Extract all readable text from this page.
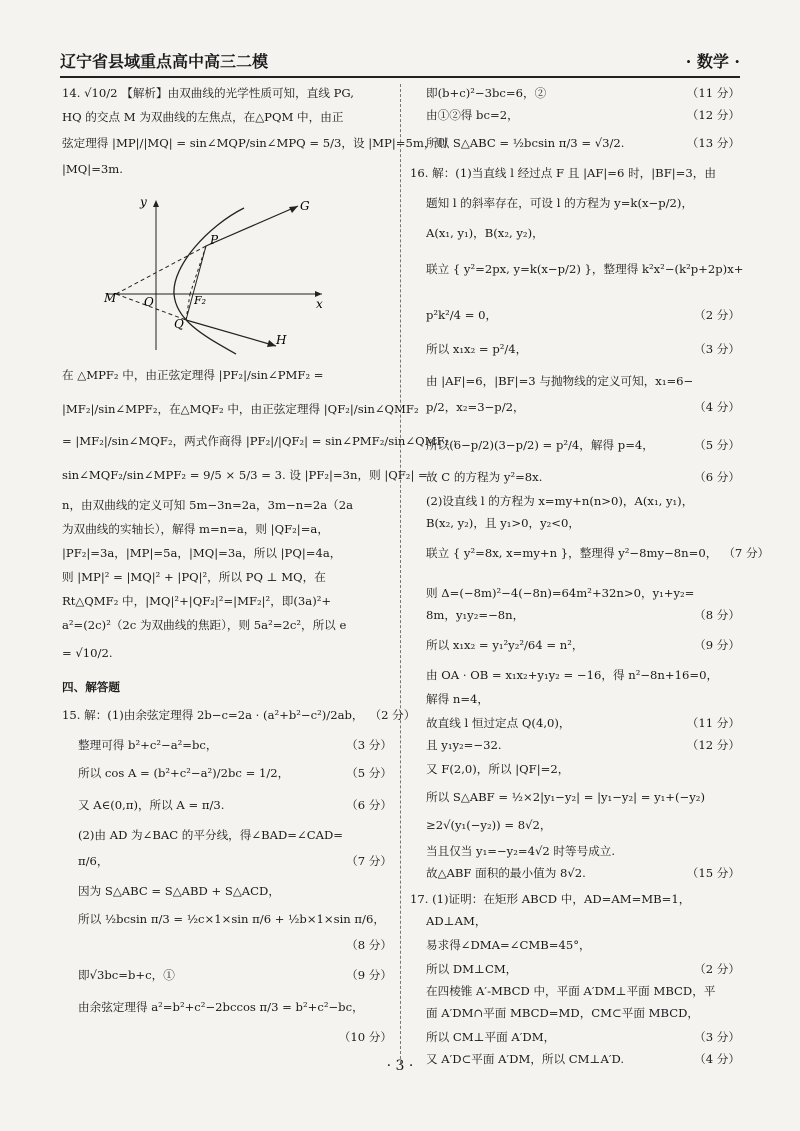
辽宁省县域重点高中高三二模	· 数学 ·
14. √10/2 【解析】由双曲线的光学性质可知，直线 PG,
HQ 的交点 M 为双曲线的左焦点，在△PQM 中，由正
弦定理得 |MP|/|MQ| = sin∠MQP/sin∠MPQ = 5/3，设 |MP|=5m，则
|MQ|=3m.
y
x
G
P
M O	F₂
Q
H
在 △MPF₂ 中，由正弦定理得 |PF₂|/sin∠PMF₂ =
|MF₂|/sin∠MPF₂，在△MQF₂ 中，由正弦定理得 |QF₂|/sin∠QMF₂
= |MF₂|/sin∠MQF₂，两式作商得 |PF₂|/|QF₂| = sin∠PMF₂/sin∠QMF₂ ·
sin∠MQF₂/sin∠MPF₂ = 9/5 × 5/3 = 3. 设 |PF₂|=3n，则 |QF₂| =
n，由双曲线的定义可知 5m−3n=2a，3m−n=2a（2a
为双曲线的实轴长），解得 m=n=a，则 |QF₂|=a，
|PF₂|=3a，|MP|=5a，|MQ|=3a，所以 |PQ|=4a，
则 |MP|² = |MQ|² + |PQ|²，所以 PQ ⊥ MQ，在
Rt△QMF₂ 中，|MQ|²+|QF₂|²=|MF₂|²，即(3a)²+
a²=(2c)²（2c 为双曲线的焦距），则 5a²=2c²，所以 e
= √10/2.
四、解答题
15. 解：(1)由余弦定理得 2b−c=2a · (a²+b²−c²)/2ab， （2 分）
整理可得 b²+c²−a²=bc，	（3 分）
所以 cos A = (b²+c²−a²)/2bc = 1/2，	（5 分）
又 A∈(0,π)，所以 A = π/3.	（6 分）
(2)由 AD 为∠BAC 的平分线，得∠BAD=∠CAD=
π/6，	（7 分）
因为 S△ABC = S△ABD + S△ACD，
所以 ½bcsin π/3 = ½c×1×sin π/6 + ½b×1×sin π/6，
（8 分）
即√3bc=b+c，①	（9 分）
由余弦定理得 a²=b²+c²−2bccos π/3 = b²+c²−bc，
（10 分）
即(b+c)²−3bc=6，②	（11 分）
由①②得 bc=2，	（12 分）
所以 S△ABC = ½bcsin π/3 = √3/2.	（13 分）
16. 解：(1)当直线 l 经过点 F 且 |AF|=6 时，|BF|=3，由
题知 l 的斜率存在，可设 l 的方程为 y=k(x−p/2)，
A(x₁, y₁)，B(x₂, y₂)，
联立 { y²=2px, y=k(x−p/2) }，整理得 k²x²−(k²p+2p)x+
p²k²/4 = 0，	（2 分）
所以 x₁x₂ = p²/4，	（3 分）
由 |AF|=6，|BF|=3 与抛物线的定义可知，x₁=6−
p/2，x₂=3−p/2，	（4 分）
所以(6−p/2)(3−p/2) = p²/4，解得 p=4，	（5 分）
故 C 的方程为 y²=8x.	（6 分）
(2)设直线 l 的方程为 x=my+n(n>0)，A(x₁, y₁)，
B(x₂, y₂)，且 y₁>0，y₂<0，
联立 { y²=8x, x=my+n }，整理得 y²−8my−8n=0， （7 分）
则 Δ=(−8m)²−4(−8n)=64m²+32n>0，y₁+y₂=
8m，y₁y₂=−8n，	（8 分）
所以 x₁x₂ = y₁²y₂²/64 = n²，	（9 分）
由 OA · OB = x₁x₂+y₁y₂ = −16，得 n²−8n+16=0，
解得 n=4，
故直线 l 恒过定点 Q(4,0)，	（11 分）
且 y₁y₂=−32.	（12 分）
又 F(2,0)，所以 |QF|=2，
所以 S△ABF = ½×2|y₁−y₂| = |y₁−y₂| = y₁+(−y₂)
≥2√(y₁(−y₂)) = 8√2，
当且仅当 y₁=−y₂=4√2 时等号成立.
故△ABF 面积的最小值为 8√2.	（15 分）
17. (1)证明：在矩形 ABCD 中，AD=AM=MB=1，
AD⊥AM，
易求得∠DMA=∠CMB=45°，
所以 DM⊥CM，	（2 分）
在四棱锥 A′-MBCD 中，平面 A′DM⊥平面 MBCD，平
面 A′DM∩平面 MBCD=MD，CM⊂平面 MBCD，
所以 CM⊥平面 A′DM，	（3 分）
又 A′D⊂平面 A′DM，所以 CM⊥A′D.	（4 分）
· 3 ·
